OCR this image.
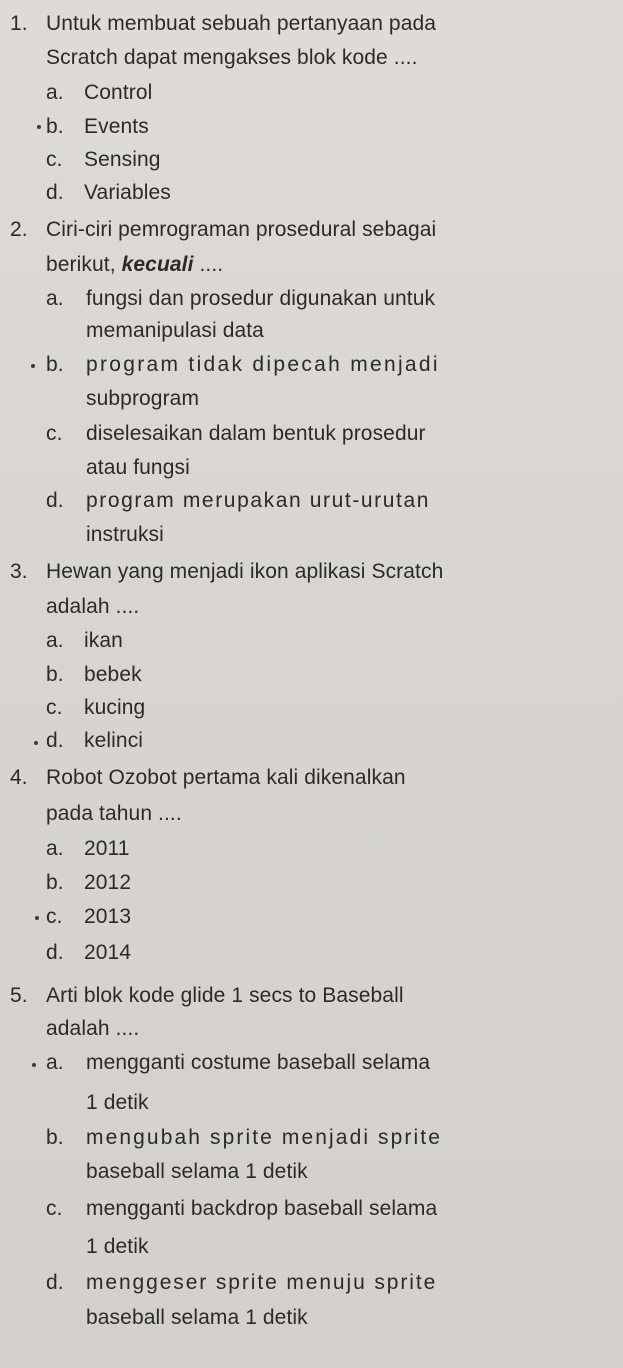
1. Untuk membuat sebuah pertanyaan pada
Scratch dapat mengakses blok kode ....
a. Control
b. Events
c. Sensing
d. Variables
2. Ciri-ciri pemrograman prosedural sebagai
berikut, kecuali ....
a. fungsi dan prosedur digunakan untuk
memanipulasi data
b. program tidak dipecah menjadi
subprogram
c. diselesaikan dalam bentuk prosedur
atau fungsi
d. program merupakan urut-urutan
instruksi
3. Hewan yang menjadi ikon aplikasi Scratch
adalah ....
a. ikan
b. bebek
c. kucing
d. kelinci
4. Robot Ozobot pertama kali dikenalkan
pada tahun ....
a. 2011
b. 2012
c. 2013
d. 2014
5. Arti blok kode glide 1 secs to Baseball
adalah ....
a. mengganti costume baseball selama
1 detik
b. mengubah sprite menjadi sprite
baseball selama 1 detik
c. mengganti backdrop baseball selama
1 detik
d. menggeser sprite menuju sprite
baseball selama 1 detik
